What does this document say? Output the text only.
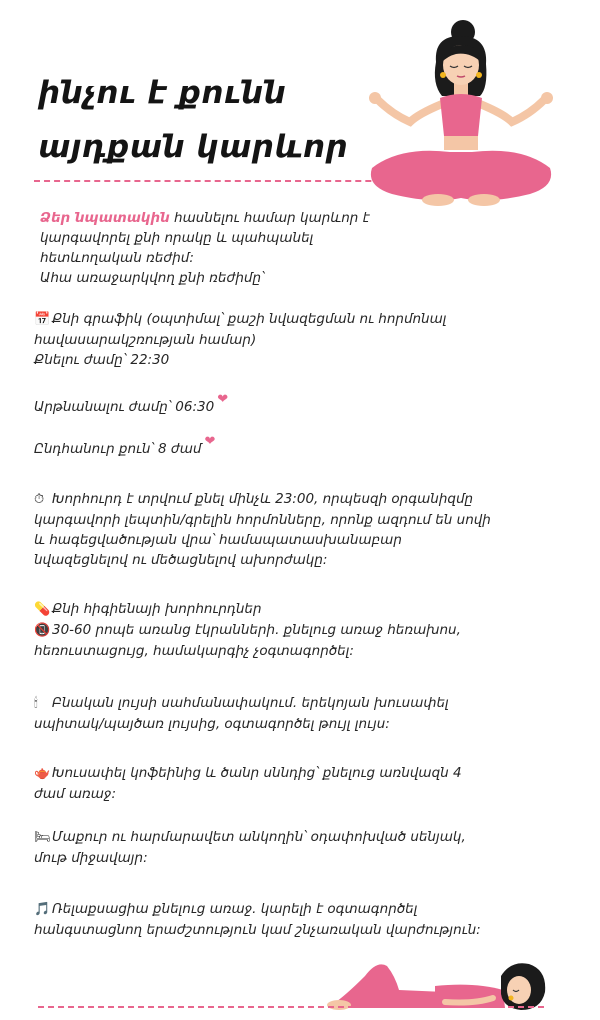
ինչու է քունն
այդքան կարևոր
Ձեր նպատակին հասնելու համար կարևոր է
կարգավորել քնի որակը և պահպանել
հետևողական ռեժիմ:
Ահա առաջարկվող քնի ռեժիմը՝
📅 Քնի գրաֆիկ (օպտիմալ՝ քաշի նվազեցման ու հորմոնալ
հավասարակշռության համար)
Քնելու ժամը՝ 22:30
Արթնանալու ժամը՝ 06:30 ❤
Ընդհանուր քուն՝ 8 ժամ ❤
⏱ Խորհուրդ է տրվում քնել մինչև 23:00, որպեսզի օրգանիզմը
կարգավորի լեպտին/գրելին հորմոնները, որոնք ազդում են սովի
և հագեցվածության վրա՝ համապատասխանաբար
նվազեցնելով ու մեծացնելով ախորժակը:
💊 Քնի հիգիենայի խորհուրդներ
📵 30-60 րոպե առանց էկրանների. քնելուց առաջ հեռախոս,
հեռուստացույց, համակարգիչ չօգտագործել:
🕯 Բնական լույսի սահմանափակում. երեկոյան խուսափել
սպիտակ/պայծառ լույսից, օգտագործել թույլ լույս:
🫖 Խուսափել կոֆեինից և ծանր սննդից՝ քնելուց առնվազն 4
ժամ առաջ:
🛏Մաքուր ու հարմարավետ անկողին՝ օդափոխված սենյակ,
մութ միջավայր:
🎵 Ռելաքսացիա քնելուց առաջ. կարելի է օգտագործել
հանգստացնող երաժշտություն կամ շնչառական վարժություն:
